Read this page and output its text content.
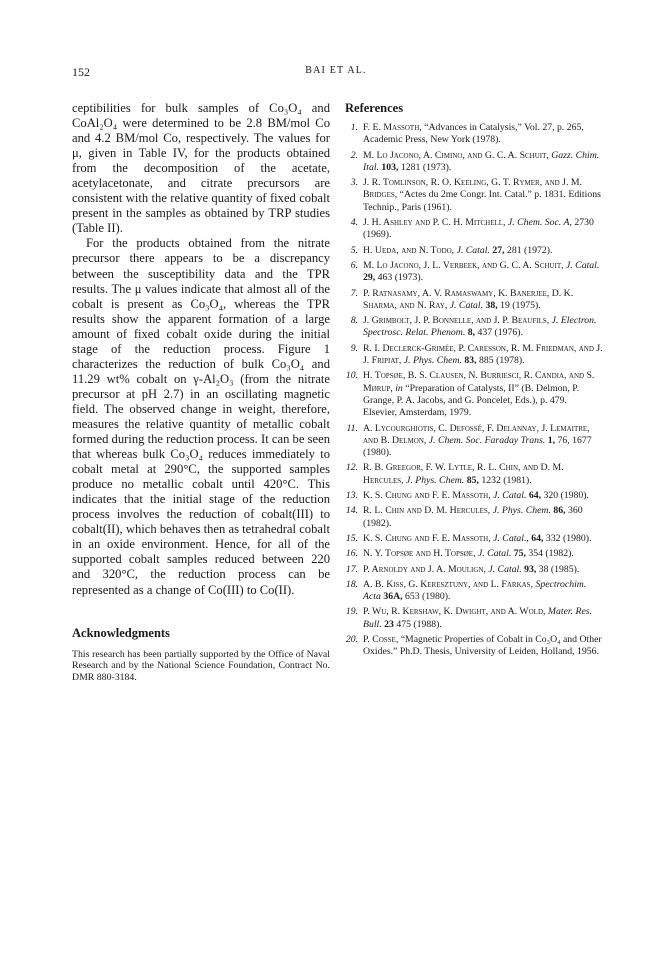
152	BAI ET AL.

ceptibilities for bulk samples of Co₃O₄ and CoAl₂O₄ were determined to be 2.8 BM/mol Co and 4.2 BM/mol Co, respectively. The values for μ, given in Table IV, for the products obtained from the decomposition of the acetate, acetylacetonate, and citrate precursors are consistent with the relative quantity of fixed cobalt present in the samples as obtained by TRP studies (Table II).

For the products obtained from the nitrate precursor there appears to be a discrepancy between the susceptibility data and the TPR results. The μ values indicate that almost all of the cobalt is present as Co₃O₄, whereas the TPR results show the apparent formation of a large amount of fixed cobalt oxide during the initial stage of the reduction process. Figure 1 characterizes the reduction of bulk Co₃O₄ and 11.29 wt% cobalt on γ-Al₂O₃ (from the nitrate precursor at pH 2.7) in an oscillating magnetic field. The observed change in weight, therefore, measures the relative quantity of metallic cobalt formed during the reduction process. It can be seen that whereas bulk Co₃O₄ reduces immediately to cobalt metal at 290°C, the supported samples produce no metallic cobalt until 420°C. This indicates that the initial stage of the reduction process involves the reduction of cobalt(III) to cobalt(II), which behaves then as tetrahedral cobalt in an oxide environment. Hence, for all of the supported cobalt samples reduced between 220 and 320°C, the reduction process can be represented as a change of Co(III) to Co(II).

Acknowledgments

This research has been partially supported by the Office of Naval Research and by the National Science Foundation, Contract No. DMR 880-3184.

References
1. F. E. Massoth, “Advances in Catalysis,” Vol. 27, p. 265, Academic Press, New York (1978).
2. M. Lo Jacono, A. Cimino, and G. C. A. Schuit, Gazz. Chim. Ital. 103, 1281 (1973).
3. J. R. Tomlinson, R. O. Keeling, G. T. Rymer, and J. M. Bridges, “Actes du 2me Congr. Int. Catal.” p. 1831. Editions Technip., Paris (1961).
4. J. H. Ashley and P. C. H. Mitchell, J. Chem. Soc. A, 2730 (1969).
5. H. Ueda, and N. Todo, J. Catal. 27, 281 (1972).
6. M. Lo Jacono, J. L. Verbeek, and G. C. A. Schuit, J. Catal. 29, 463 (1973).
7. P. Ratnasamy, A. V. Ramaswamy, K. Banerjee, D. K. Sharma, and N. Ray, J. Catal. 38, 19 (1975).
8. J. Grimbolt, J. P. Bonnelle, and J. P. Beaufils, J. Electron. Spectrosc. Relat. Phenom. 8, 437 (1976).
9. R. I. Declerck-Grimée, P. Caresson, R. M. Friedman, and J. J. Fripiat, J. Phys. Chem. 83, 885 (1978).
10. H. Topsøe, B. S. Clausen, N. Burriesci, R. Candia, and S. Mørup, in “Preparation of Catalysts, II” (B. Delmon, P. Grange, P. A. Jacobs, and G. Poncelet, Eds.), p. 479. Elsevier, Amsterdam, 1979.
11. A. Lycourghiotis, C. Defossé, F. Delannay, J. Lemaitre, and B. Delmon, J. Chem. Soc. Faraday Trans. 1, 76, 1677 (1980).
12. R. B. Greegor, F. W. Lytle, R. L. Chin, and D. M. Hercules, J. Phys. Chem. 85, 1232 (1981).
13. K. S. Chung and F. E. Massoth, J. Catal. 64, 320 (1980).
14. R. L. Chin and D. M. Hercules, J. Phys. Chem. 86, 360 (1982).
15. K. S. Chung and F. E. Massoth, J. Catal., 64, 332 (1980).
16. N. Y. Topsøe and H. Topsøe, J. Catal. 75, 354 (1982).
17. P. Arnoldy and J. A. Moulign, J. Catal. 93, 38 (1985).
18. A. B. Kiss, G. Keresztuny, and L. Farkas, Spectrochim. Acta 36A, 653 (1980).
19. P. Wu, R. Kershaw, K. Dwight, and A. Wold, Mater. Res. Bull. 23 475 (1988).
20. P. Cosse, “Magnetic Properties of Cobalt in Co₃O₄ and Other Oxides.” Ph.D. Thesis, University of Leiden, Holland, 1956.
